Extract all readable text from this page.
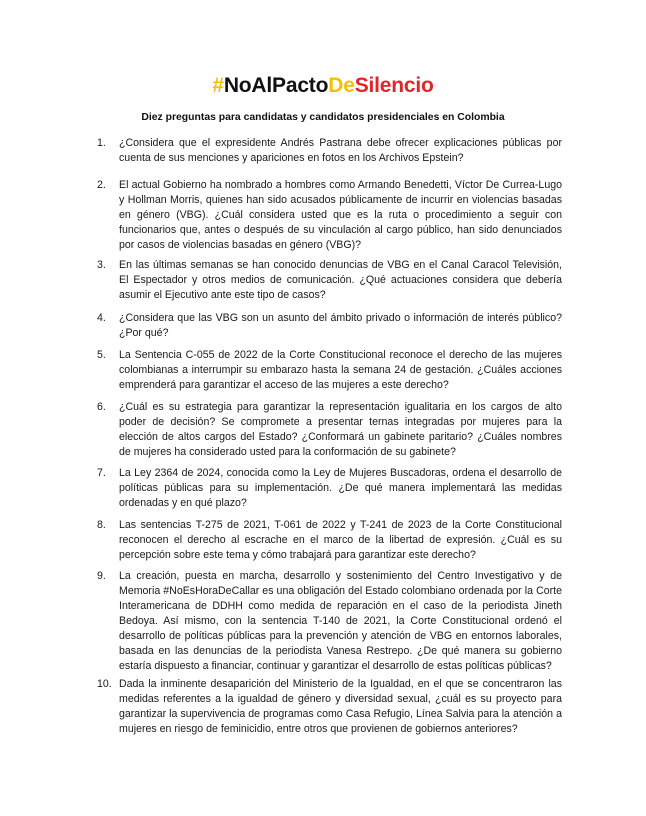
#NoAlPactoDeSilencio
Diez preguntas para candidatas y candidatos presidenciales en Colombia
1. ¿Considera que el expresidente Andrés Pastrana debe ofrecer explicaciones públicas por cuenta de sus menciones y apariciones en fotos en los Archivos Epstein?
2. El actual Gobierno ha nombrado a hombres como Armando Benedetti, Víctor De Currea-Lugo y Hollman Morris, quienes han sido acusados públicamente de incurrir en violencias basadas en género (VBG). ¿Cuál considera usted que es la ruta o procedimiento a seguir con funcionarios que, antes o después de su vinculación al cargo público, han sido denunciados por casos de violencias basadas en género (VBG)?
3. En las últimas semanas se han conocido denuncias de VBG en el Canal Caracol Televisión, El Espectador y otros medios de comunicación. ¿Qué actuaciones considera que debería asumir el Ejecutivo ante este tipo de casos?
4. ¿Considera que las VBG son un asunto del ámbito privado o información de interés público? ¿Por qué?
5. La Sentencia C-055 de 2022 de la Corte Constitucional reconoce el derecho de las mujeres colombianas a interrumpir su embarazo hasta la semana 24 de gestación. ¿Cuáles acciones emprenderá para garantizar el acceso de las mujeres a este derecho?
6. ¿Cuál es su estrategia para garantizar la representación igualitaria en los cargos de alto poder de decisión? Se compromete a presentar ternas integradas por mujeres para la elección de altos cargos del Estado? ¿Conformará un gabinete paritario? ¿Cuáles nombres de mujeres ha considerado usted para la conformación de su gabinete?
7. La Ley 2364 de 2024, conocida como la Ley de Mujeres Buscadoras, ordena el desarrollo de políticas públicas para su implementación. ¿De qué manera implementará las medidas ordenadas y en qué plazo?
8. Las sentencias T-275 de 2021, T-061 de 2022 y T-241 de 2023 de la Corte Constitucional reconocen el derecho al escrache en el marco de la libertad de expresión. ¿Cuál es su percepción sobre este tema y cómo trabajará para garantizar este derecho?
9. La creación, puesta en marcha, desarrollo y sostenimiento del Centro Investigativo y de Memoria #NoEsHoraDeCallar es una obligación del Estado colombiano ordenada por la Corte Interamericana de DDHH como medida de reparación en el caso de la periodista Jineth Bedoya. Así mismo, con la sentencia T-140 de 2021, la Corte Constitucional ordenó el desarrollo de políticas públicas para la prevención y atención de VBG en entornos laborales, basada en las denuncias de la periodista Vanesa Restrepo. ¿De qué manera su gobierno estaría dispuesto a financiar, continuar y garantizar el desarrollo de estas políticas públicas?
10. Dada la inminente desaparición del Ministerio de la Igualdad, en el que se concentraron las medidas referentes a la igualdad de género y diversidad sexual, ¿cuál es su proyecto para garantizar la supervivencia de programas como Casa Refugio, Línea Salvia para la atención a mujeres en riesgo de feminicidio, entre otros que provienen de gobiernos anteriores?
